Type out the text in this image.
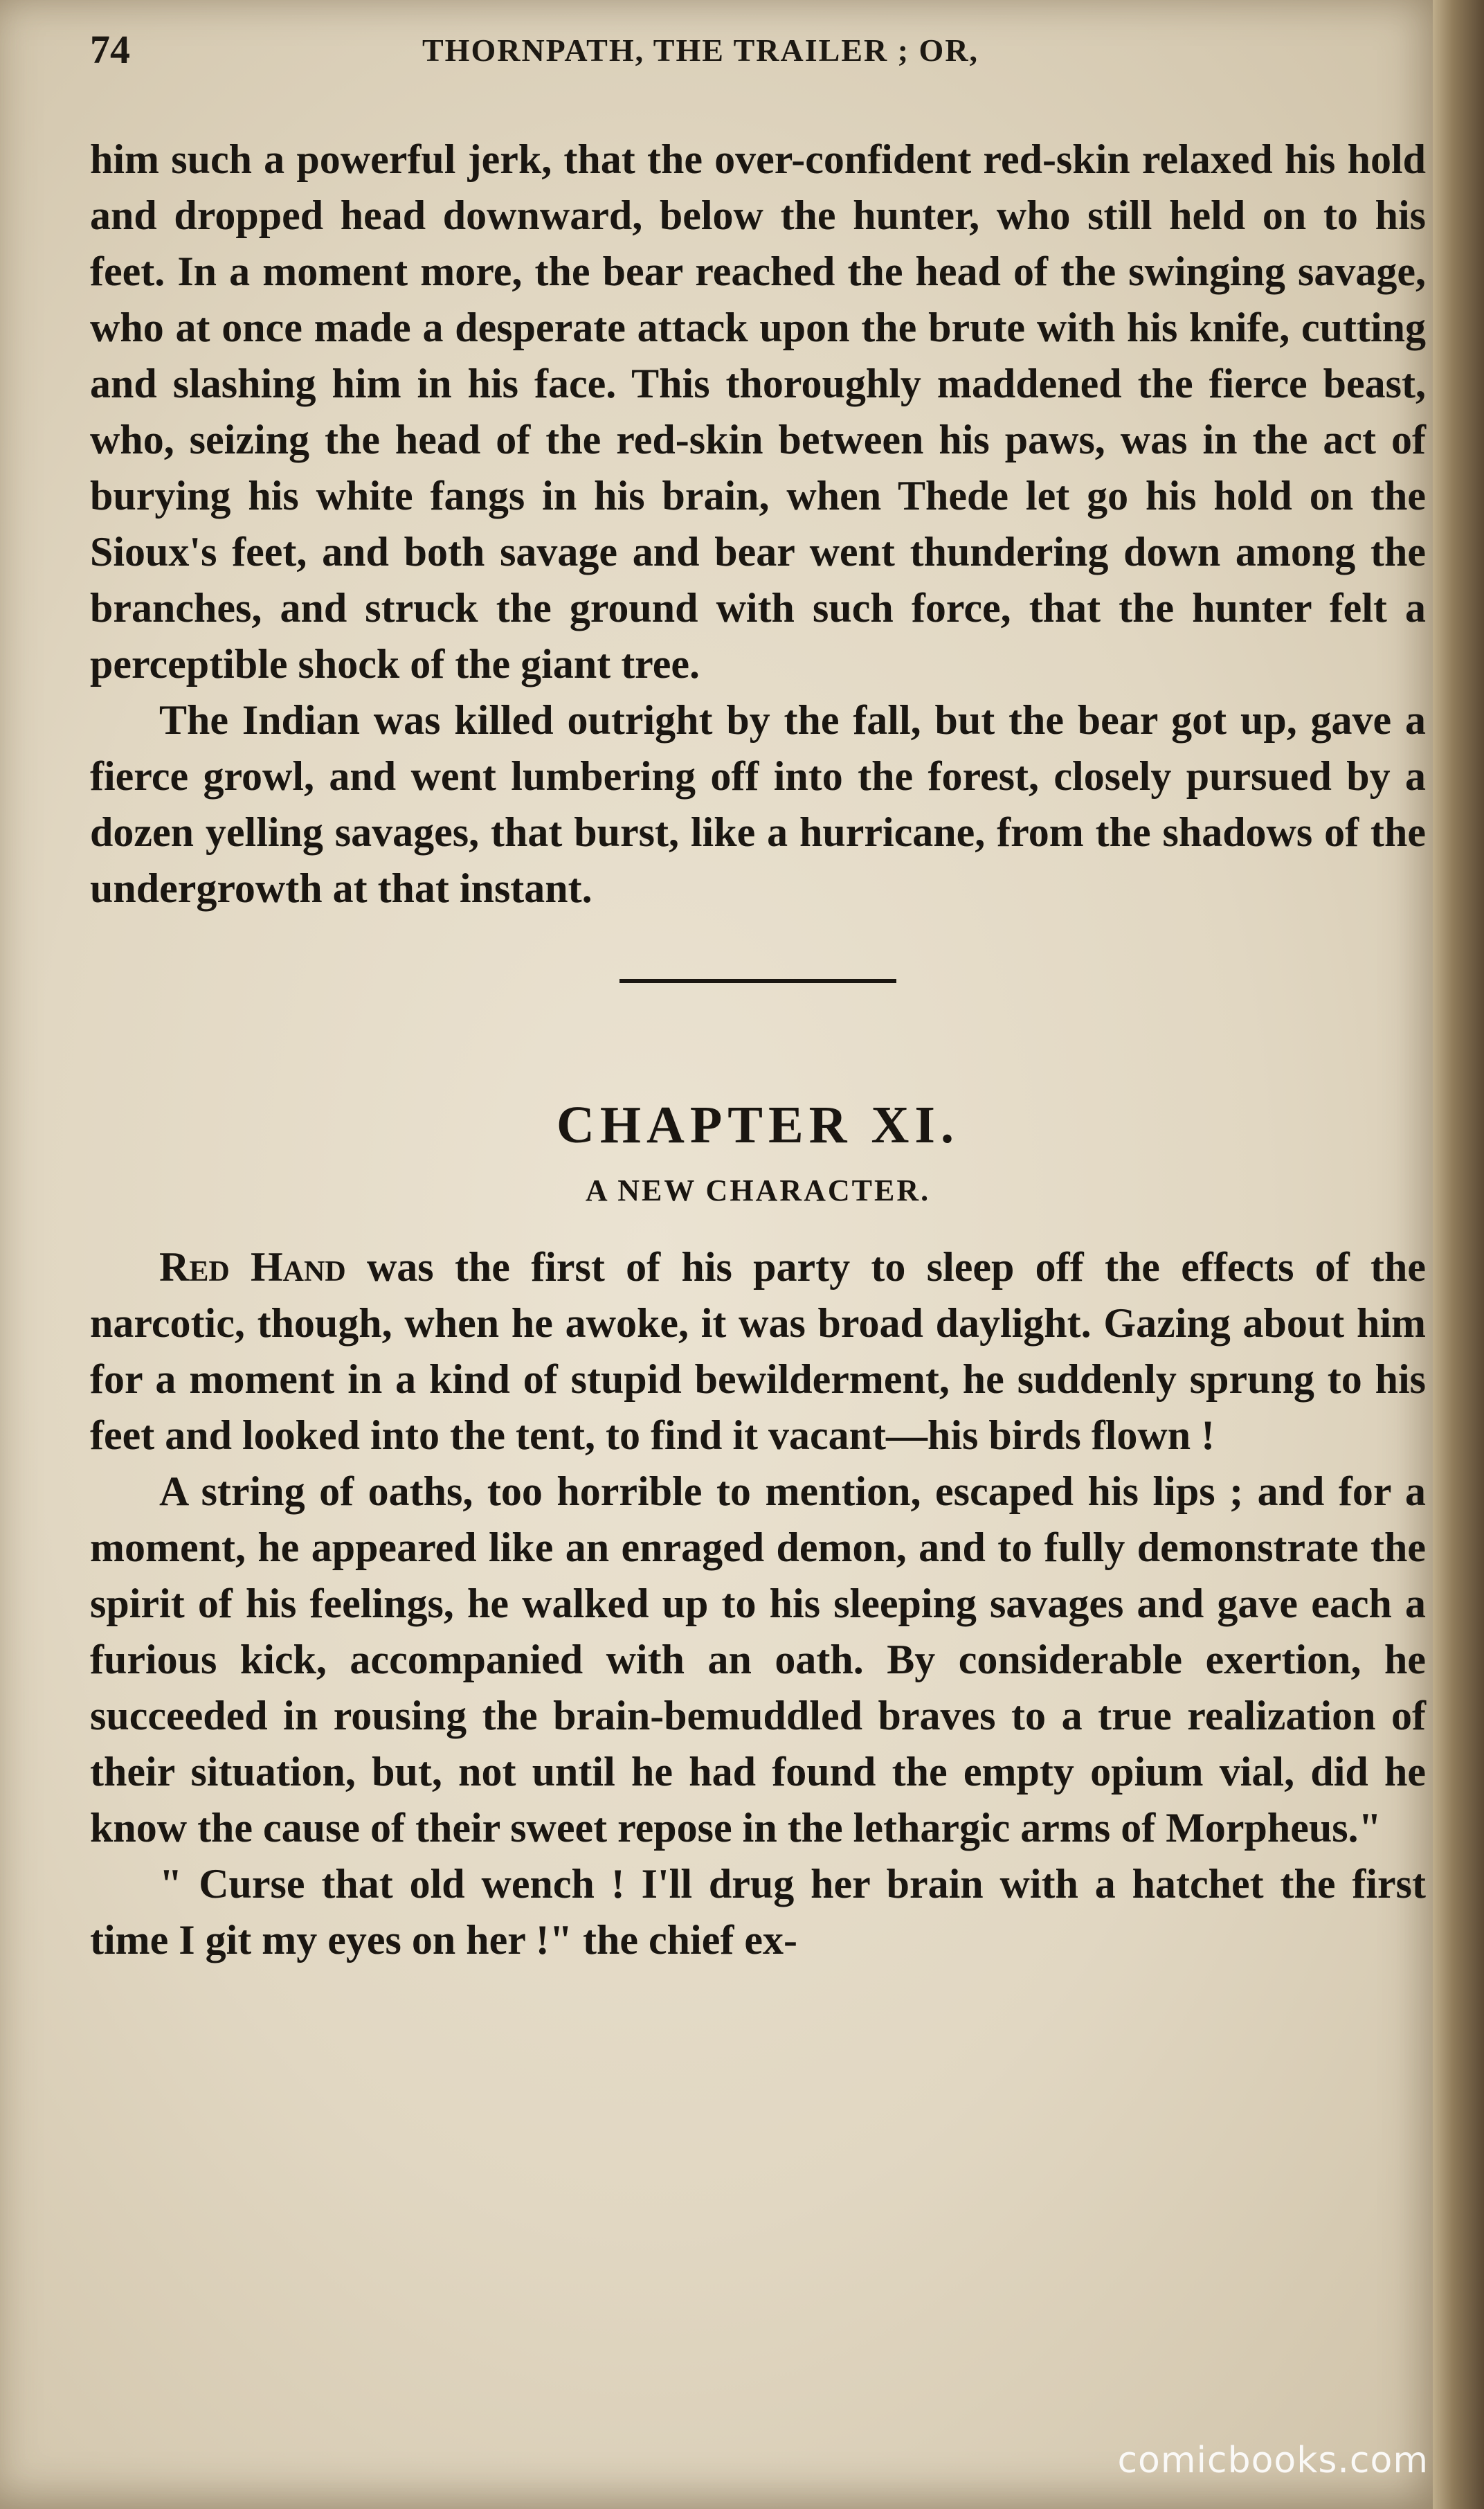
74	THORNPATH, THE TRAILER ; OR,

him such a powerful jerk, that the over-confident red-skin relaxed his hold and dropped head downward, below the hunter, who still held on to his feet. In a moment more, the bear reached the head of the swinging savage, who at once made a desperate attack upon the brute with his knife, cutting and slashing him in his face. This thoroughly maddened the fierce beast, who, seizing the head of the red-skin between his paws, was in the act of burying his white fangs in his brain, when Thede let go his hold on the Sioux's feet, and both savage and bear went thundering down among the branches, and struck the ground with such force, that the hunter felt a perceptible shock of the giant tree.

The Indian was killed outright by the fall, but the bear got up, gave a fierce growl, and went lumbering off into the forest, closely pursued by a dozen yelling savages, that burst, like a hurricane, from the shadows of the undergrowth at that instant.

CHAPTER XI.
A NEW CHARACTER.

Red Hand was the first of his party to sleep off the effects of the narcotic, though, when he awoke, it was broad daylight. Gazing about him for a moment in a kind of stupid bewilderment, he suddenly sprung to his feet and looked into the tent, to find it vacant—his birds flown !

A string of oaths, too horrible to mention, escaped his lips ; and for a moment, he appeared like an enraged demon, and to fully demonstrate the spirit of his feelings, he walked up to his sleeping savages and gave each a furious kick, accompanied with an oath. By considerable exertion, he succeeded in rousing the brain-bemuddled braves to a true realization of their situation, but, not until he had found the empty opium vial, did he know the cause of their sweet repose in the lethargic arms of Morpheus."

" Curse that old wench ! I'll drug her brain with a hatchet the first time I git my eyes on her !" the chief ex-

comicbooks.com
